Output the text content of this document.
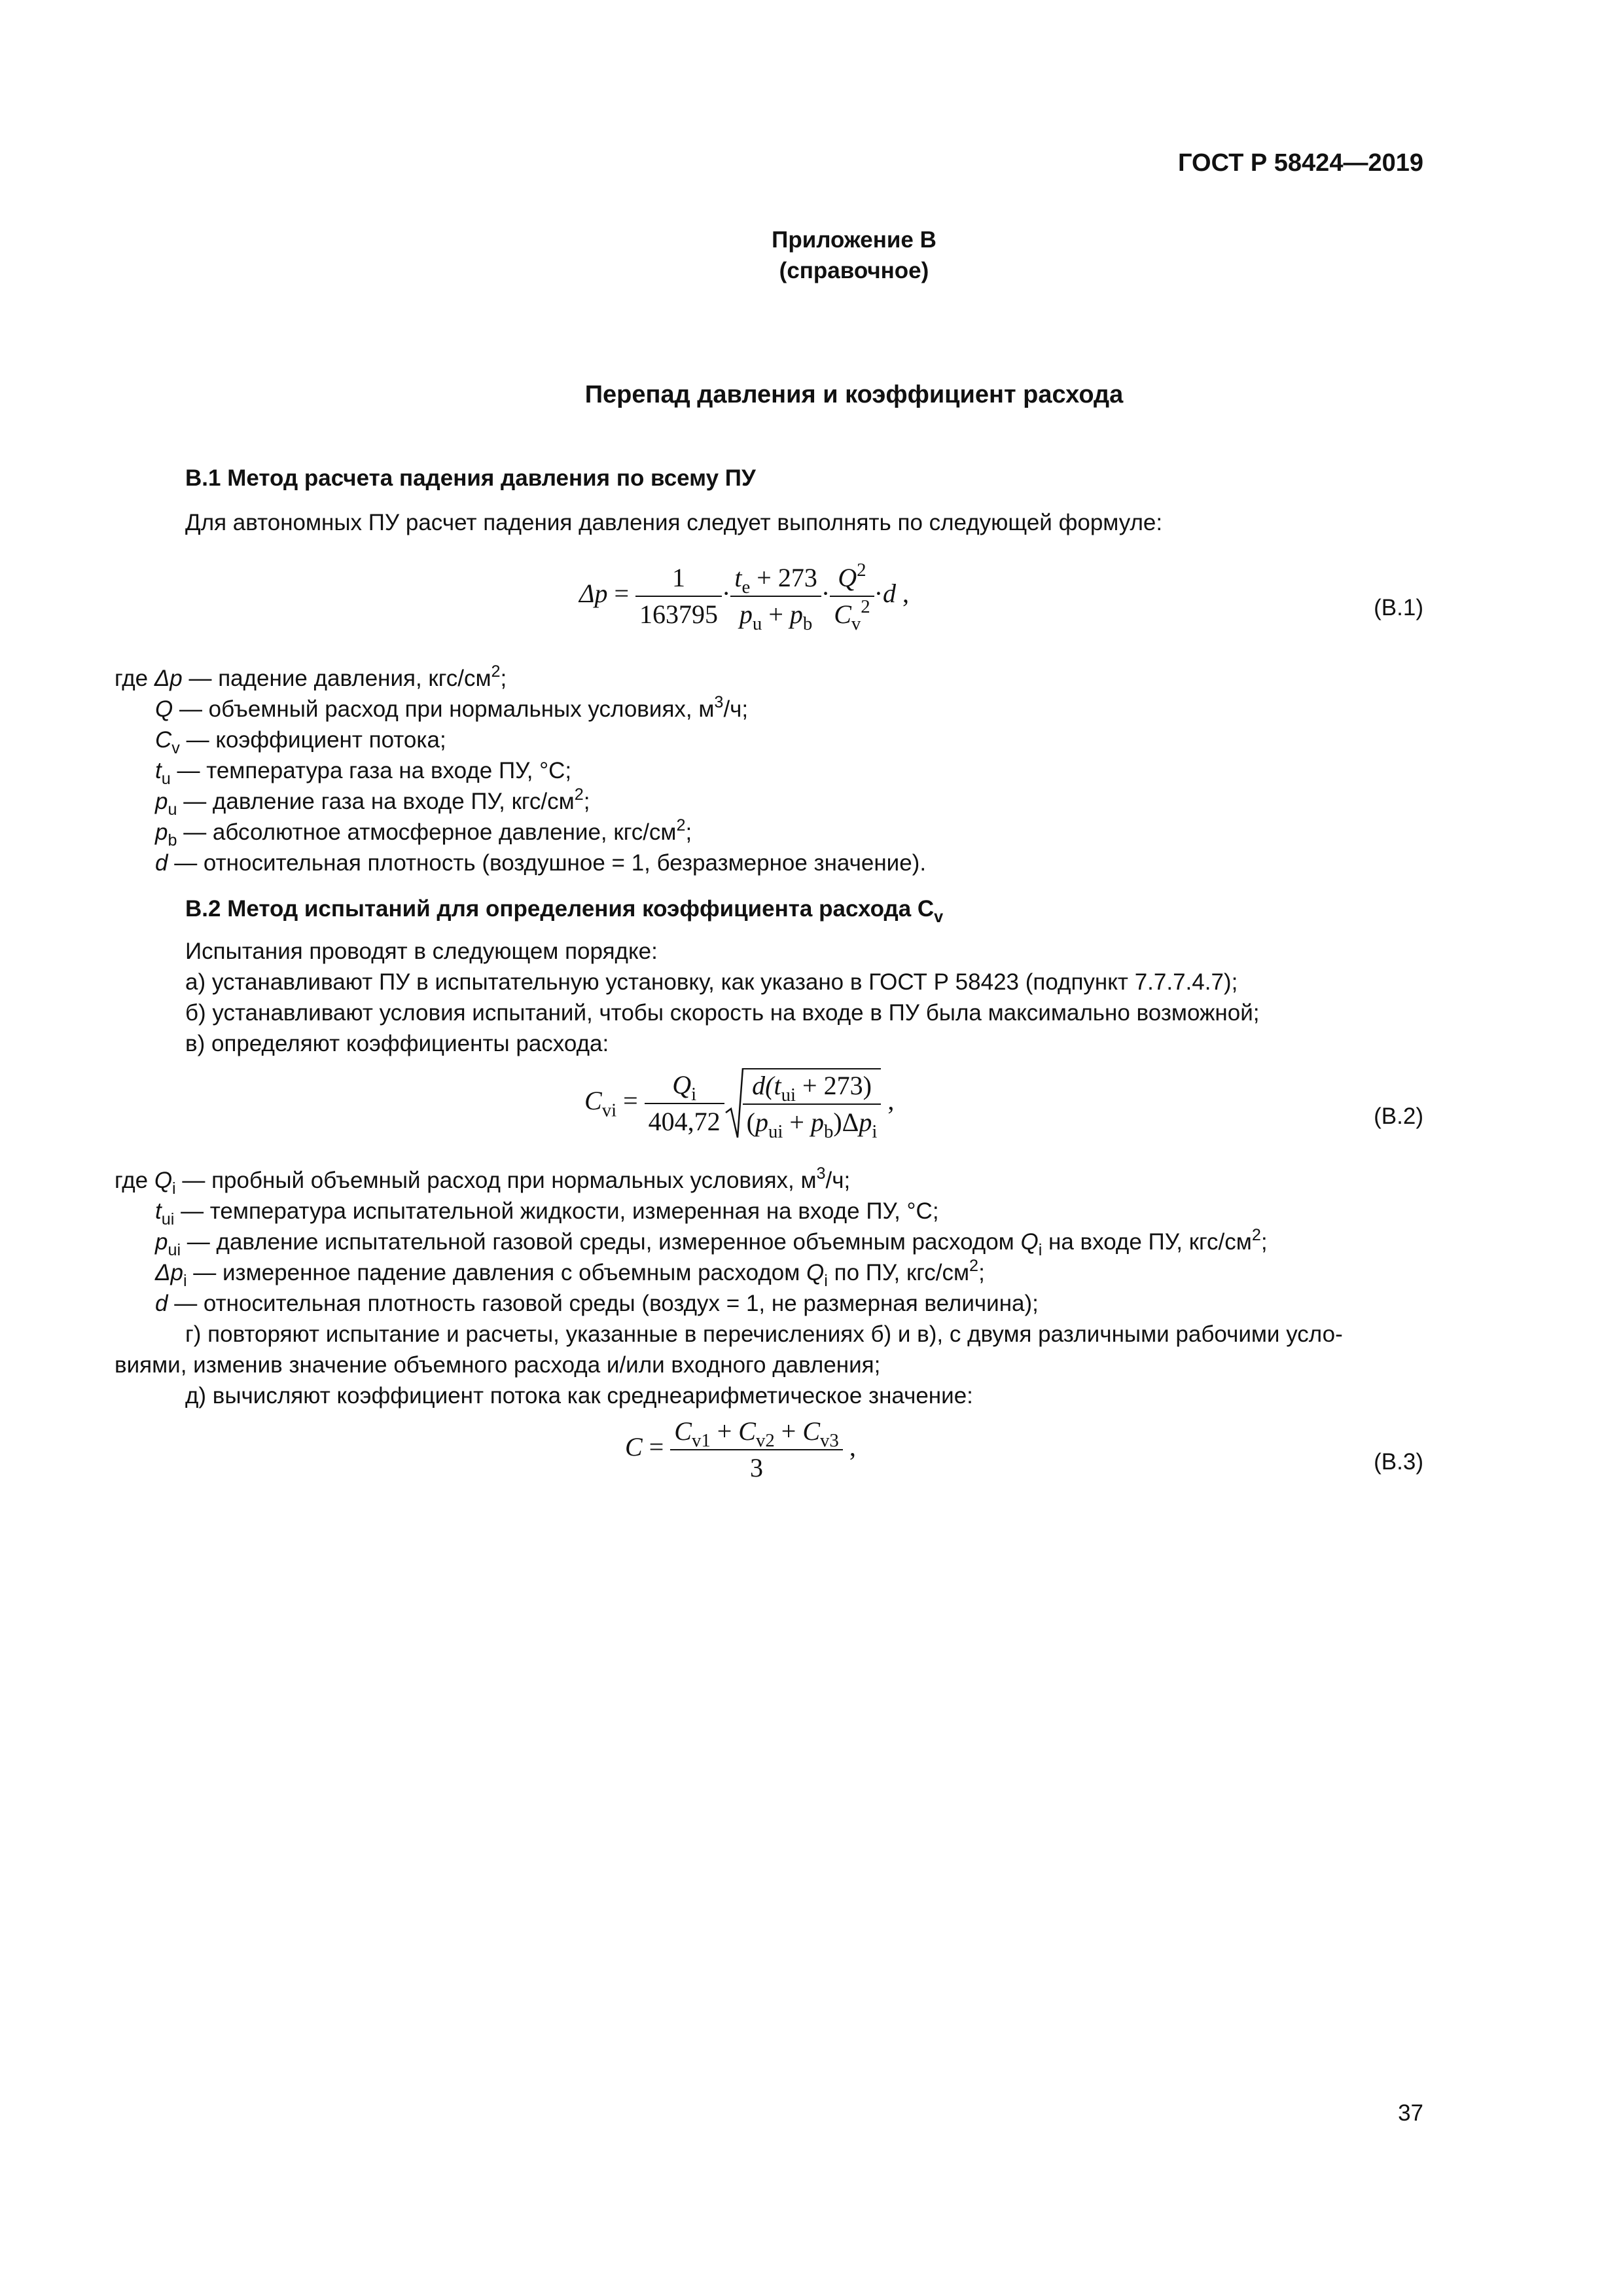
ГОСТ Р 58424—2019
Приложение В
(справочное)
Перепад давления и коэффициент расхода
В.1 Метод расчета падения давления по всему ПУ
Для автономных ПУ расчет падения давления следует выполнять по следующей формуле:
$\Delta p = \frac{1}{163795} \cdot \frac{t_e + 273}{p_u + p_b} \cdot \frac{Q^2}{C_v^2} \cdot d$ ,	(В.1)
где Δp — падение давления, кгс/$см^2$;
Q — объемный расход при нормальных условиях, $м^3/ч$;
$C_v$ — коэффициент потока;
$t_u$ — температура газа на входе ПУ, °С;
$p_u$ — давление газа на входе ПУ, кгс/$см^2$;
$p_b$ — абсолютное атмосферное давление, кгс/$см^2$;
d — относительная плотность (воздушное = 1, безразмерное значение).
В.2 Метод испытаний для определения коэффициента расхода $C_v$
Испытания проводят в следующем порядке:
а) устанавливают ПУ в испытательную установку, как указано в ГОСТ Р 58423 (подпункт 7.7.7.4.7);
б) устанавливают условия испытаний, чтобы скорость на входе в ПУ была максимально возможной;
в) определяют коэффициенты расхода:
$C_{vi} = \frac{Q_i}{404,72} \frac{d(t_{ui} + 273)}{(p_{ui} + p_b)\Delta p_i}$ ,
(В.2)
где $Q_i$ — пробный объемный расход при нормальных условиях, $м^3/ч$;
$t_{ui}$ — температура испытательной жидкости, измеренная на входе ПУ, °С;
$p_{ui}$ — давление испытательной газовой среды, измеренное объемным расходом $Q_i$ на входе ПУ, кгс/$см^2$;
$\Delta p_i$ — измеренное падение давления с объемным расходом $Q_i$ по ПУ, кгс/$см^2$;
d — относительная плотность газовой среды (воздух = 1, не размерная величина);
г) повторяют испытание и расчеты, указанные в перечислениях б) и в), с двумя различными рабочими усло-
виями, изменив значение объемного расхода и/или входного давления;
д) вычисляют коэффициент потока как среднеарифметическое значение:
$C = \frac{C_{v1} + C_{v2} + C_{v3}}{3}$ ,
(В.3)
37
